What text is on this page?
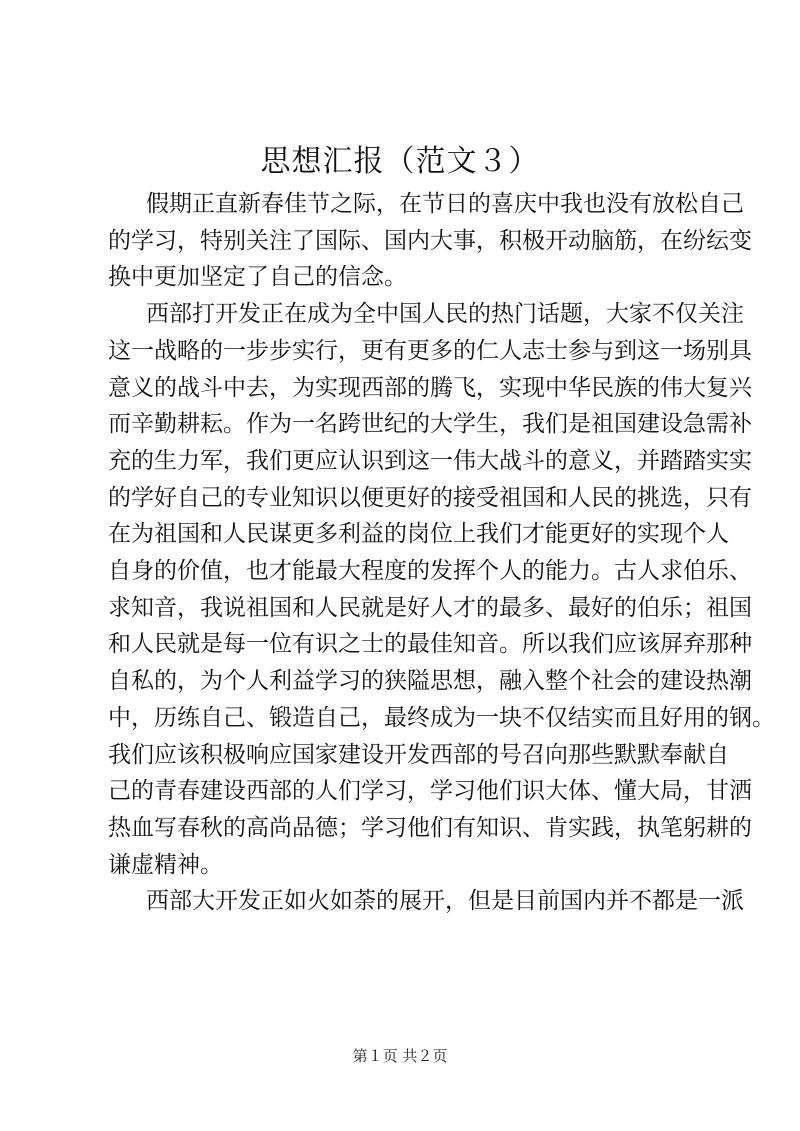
思想汇报（范文３）

假期正直新春佳节之际，在节日的喜庆中我也没有放松自己
的学习，特别关注了国际、国内大事，积极开动脑筋，在纷纭变
换中更加坚定了自己的信念。

西部打开发正在成为全中国人民的热门话题，大家不仅关注
这一战略的一步步实行，更有更多的仁人志士参与到这一场别具
意义的战斗中去，为实现西部的腾飞，实现中华民族的伟大复兴
而辛勤耕耘。作为一名跨世纪的大学生，我们是祖国建设急需补
充的生力军，我们更应认识到这一伟大战斗的意义，并踏踏实实
的学好自己的专业知识以便更好的接受祖国和人民的挑选，只有
在为祖国和人民谋更多利益的岗位上我们才能更好的实现个人
自身的价值，也才能最大程度的发挥个人的能力。古人求伯乐、
求知音，我说祖国和人民就是好人才的最多、最好的伯乐；祖国
和人民就是每一位有识之士的最佳知音。所以我们应该屏弃那种
自私的，为个人利益学习的狭隘思想，融入整个社会的建设热潮
中，历练自己、锻造自己，最终成为一块不仅结实而且好用的钢。
我们应该积极响应国家建设开发西部的号召向那些默默奉献自
己的青春建设西部的人们学习，学习他们识大体、懂大局，甘洒
热血写春秋的高尚品德；学习他们有知识、肯实践，执笔躬耕的
谦虚精神。

西部大开发正如火如荼的展开，但是目前国内并不都是一派

第１页 共２页
